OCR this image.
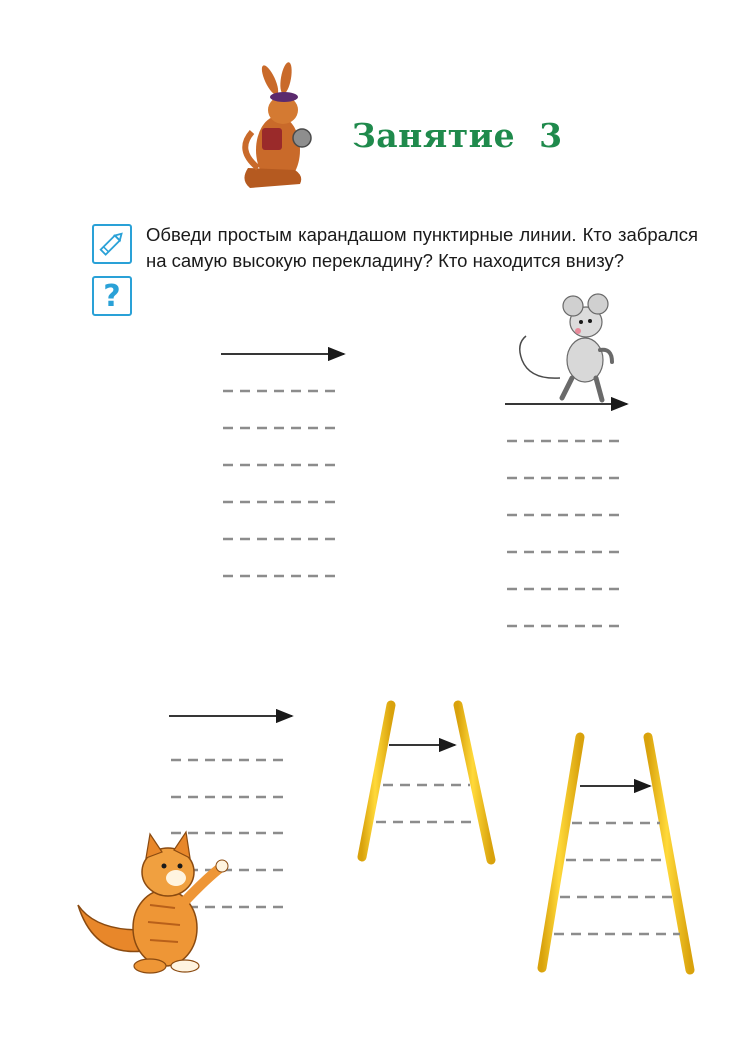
Занятие 3
?
Обведи простым карандашом пунктирные линии. Кто забрался на самую высокую перекладину? Кто находится внизу?
